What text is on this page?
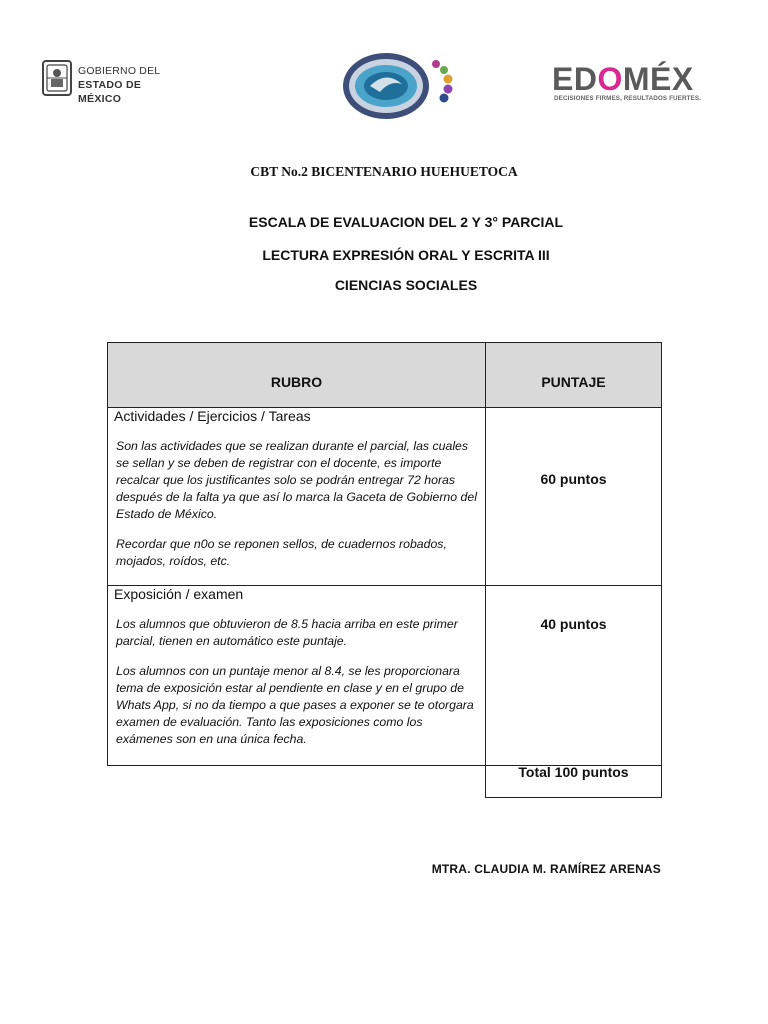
GOBIERNO DEL
ESTADO DE MÉXICO
EDOMÉX
DECISIONES FIRMES, RESULTADOS FUERTES.
CBT No.2 BICENTENARIO HUEHUETOCA
ESCALA DE EVALUACION DEL 2 Y 3° PARCIAL
LECTURA EXPRESIÓN ORAL Y ESCRITA III
CIENCIAS SOCIALES
RUBRO	PUNTAJE
Actividades / Ejercicios / Tareas
Son las actividades que se realizan durante el parcial, las cuales se sellan y se deben de registrar con el docente, es importe recalcar que los justificantes solo se podrán entregar 72 horas después de la falta ya que así lo marca la Gaceta de Gobierno del Estado de México.
Recordar que n0o se reponen sellos, de cuadernos robados, mojados, roídos, etc.
60 puntos
Exposición / examen
Los alumnos que obtuvieron de 8.5 hacia arriba en este primer parcial, tienen en automático este puntaje.
Los alumnos con un puntaje menor al 8.4, se les proporcionara tema de exposición estar al pendiente en clase y en el grupo de Whats App, si no da tiempo a que pases a exponer se te otorgara examen de evaluación. Tanto las exposiciones como los exámenes son en una única fecha.
40 puntos
Total 100 puntos
MTRA. CLAUDIA M. RAMÍREZ ARENAS
